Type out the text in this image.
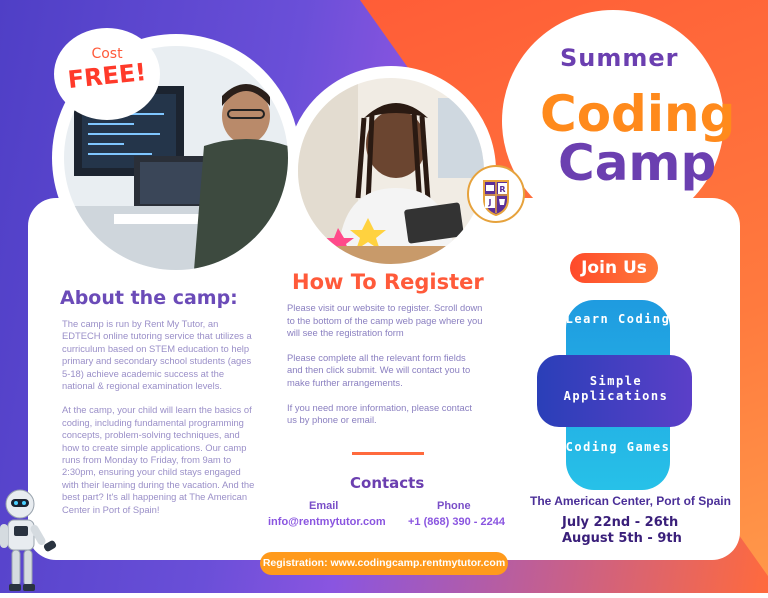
Cost
FREE!
R
J
Summer
Coding
Camp
About the camp:

The camp is run by Rent My Tutor, an EDTECH online tutoring service that utilizes a curriculum based on STEM education to help primary and secondary school students (ages 5-18) achieve academic success at the national & regional examination levels.

At the camp, your child will learn the basics of coding, including fundamental programming concepts, problem-solving techniques, and how to create simple applications. Our camp runs from Monday to Friday, from 9am to 2:30pm, ensuring your child stays engaged with their learning during the vacation. And the best part? It's all happening at The American Center in Port of Spain!

How To Register

Please visit our website to register. Scroll down to the bottom of the camp web page where you will see the registration form

Please complete all the relevant form fields and then click submit. We will contact you to make further arrangements.

If you need more information, please contact us by phone or email.

Contacts
Email
info@rentmytutor.com
Phone
+1 (868) 390 - 2244
Join Us
Learn Coding
Simple Applications
Coding Games
The American Center, Port of Spain
July 22nd - 26th
August 5th - 9th
Registration: www.codingcamp.rentmytutor.com
